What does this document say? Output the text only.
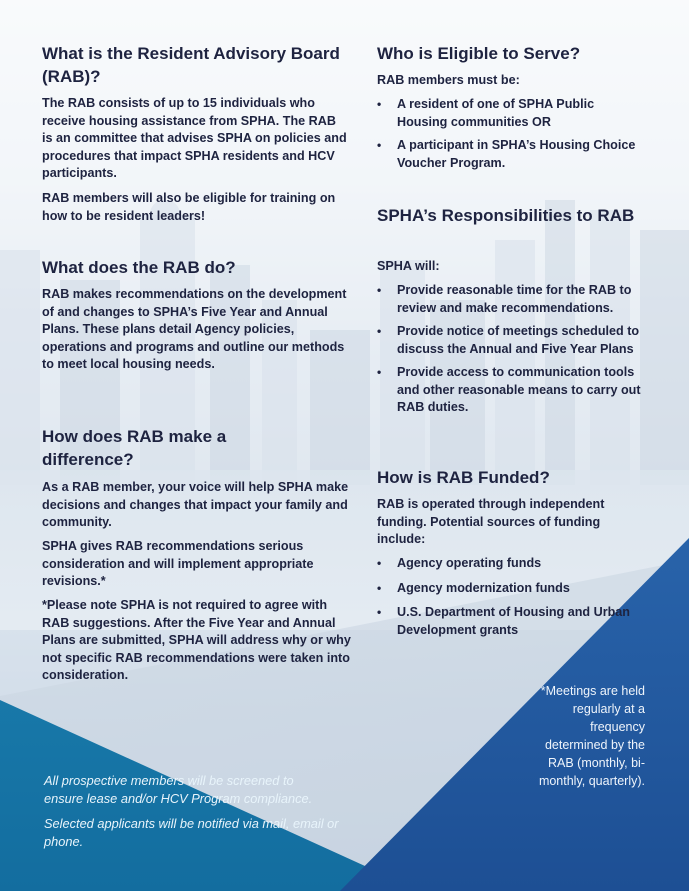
What is the Resident Advisory Board (RAB)?

The RAB consists of up to 15 individuals who receive housing assistance from SPHA. The RAB is an committee that advises SPHA on policies and procedures that impact SPHA residents and HCV participants.

RAB members will also be eligible for training on how to be resident leaders!

What does the RAB do?

RAB makes recommendations on the development of and changes to SPHA’s Five Year and Annual Plans. These plans detail Agency policies, operations and programs and outline our methods to meet local housing needs.

How does RAB make a difference?

As a RAB member, your voice will help SPHA make decisions and changes that impact your family and community.

SPHA gives RAB recommendations serious consideration and will implement appropriate revisions.*

*Please note SPHA is not required to agree with RAB suggestions. After the Five Year and Annual Plans are submitted, SPHA will address why or why not specific RAB recommendations were taken into consideration.

Who is Eligible to Serve?

RAB members must be:

• A resident of one of SPHA Public Housing communities OR
• A participant in SPHA’s Housing Choice Voucher Program.
SPHA’s Responsibilities to RAB

SPHA will:

• Provide reasonable time for the RAB to review and make recommendations.
• Provide notice of meetings scheduled to discuss the Annual and Five Year Plans
• Provide access to communication tools and other reasonable means to carry out RAB duties.
How is RAB Funded?

RAB is operated through independent funding. Potential sources of funding include:

• Agency operating funds
• Agency modernization funds
• U.S. Department of Housing and Urban Development grants
All prospective members will be screened to ensure lease and/or HCV Program compliance.
Selected applicants will be notified via mail, email or phone.
*Meetings are held regularly at a frequency determined by the RAB (monthly, bi-monthly, quarterly).
